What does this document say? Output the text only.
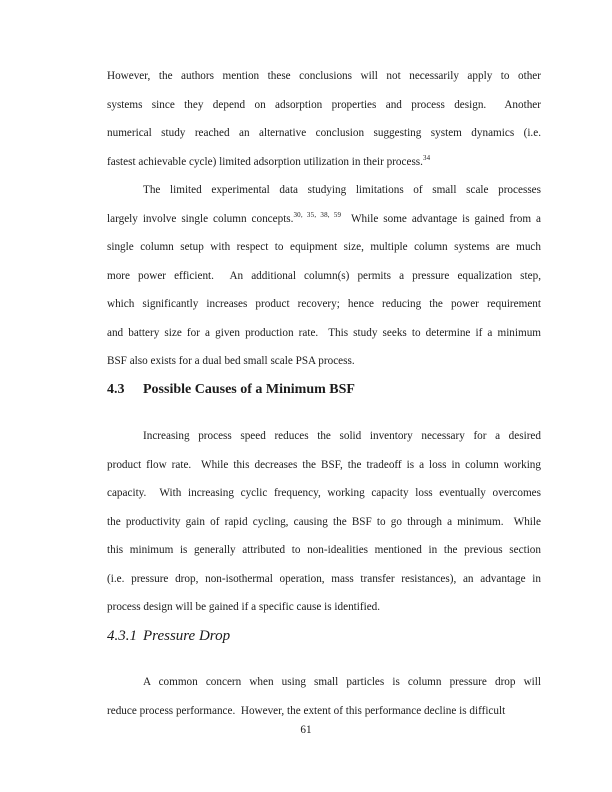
However, the authors mention these conclusions will not necessarily apply to other
systems since they depend on adsorption properties and process design.  Another
numerical study reached an alternative conclusion suggesting system dynamics (i.e.
fastest achievable cycle) limited adsorption utilization in their process.$^{34}$
The limited experimental data studying limitations of small scale processes
largely involve single column concepts.$^{30, 35, 38, 59}$  While some advantage is gained from a
single column setup with respect to equipment size, multiple column systems are much
more power efficient.  An additional column(s) permits a pressure equalization step,
which significantly increases product recovery; hence reducing the power requirement
and battery size for a given production rate.  This study seeks to determine if a minimum
BSF also exists for a dual bed small scale PSA process.
4.3 Possible Causes of a Minimum BSF
Increasing process speed reduces the solid inventory necessary for a desired
product flow rate.  While this decreases the BSF, the tradeoff is a loss in column working
capacity.  With increasing cyclic frequency, working capacity loss eventually overcomes
the productivity gain of rapid cycling, causing the BSF to go through a minimum.  While
this minimum is generally attributed to non-idealities mentioned in the previous section
(i.e. pressure drop, non-isothermal operation, mass transfer resistances), an advantage in
process design will be gained if a specific cause is identified.
4.3.1 Pressure Drop
A common concern when using small particles is column pressure drop will
reduce process performance.  However, the extent of this performance decline is difficult
61
